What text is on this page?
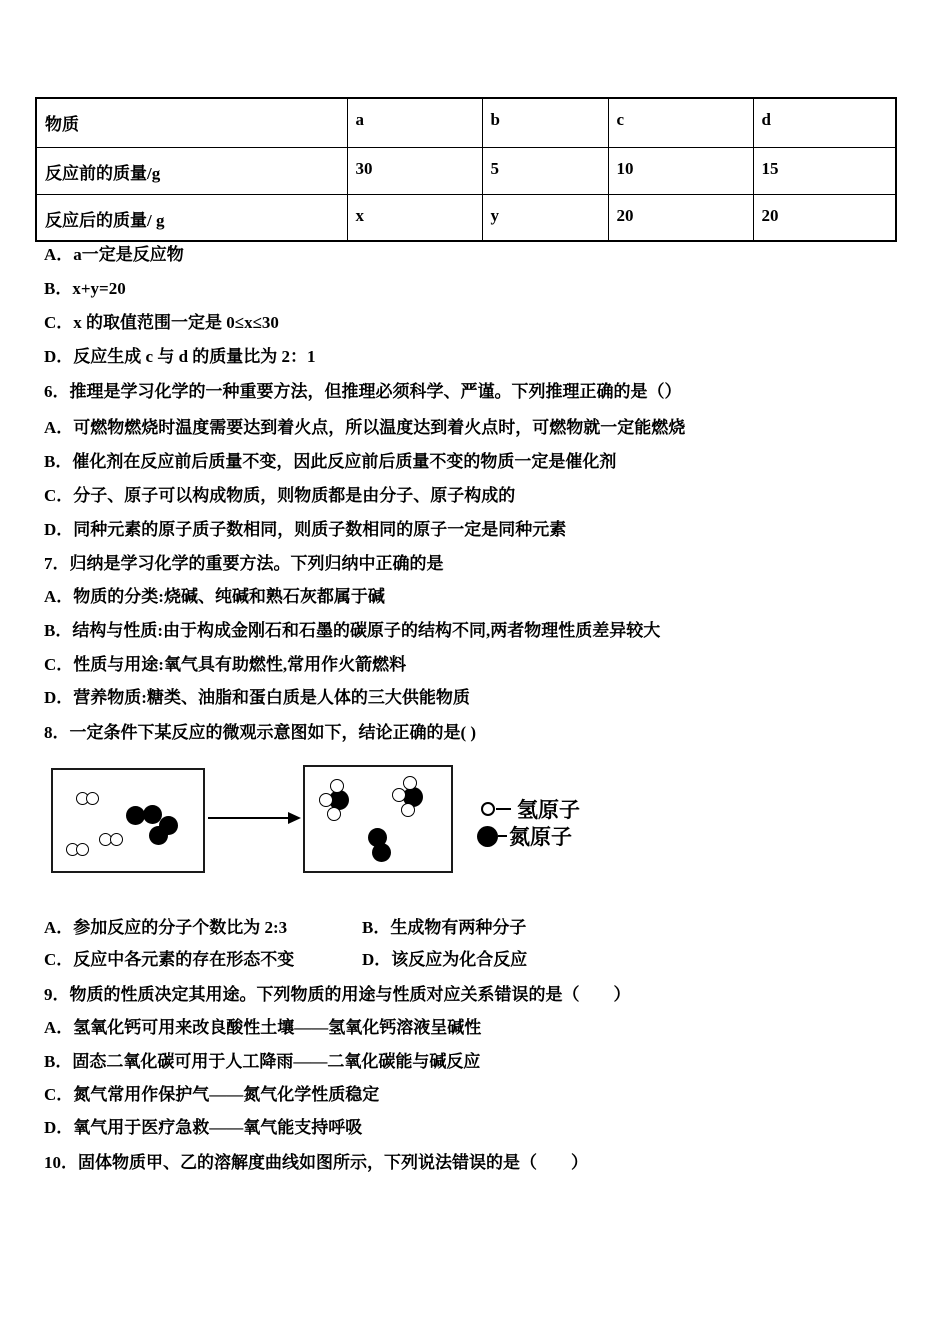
物质	a	b	c	d
反应前的质量/g	30	5	10	15
反应后的质量/ g	x	y	20	20
A．a一定是反应物
B．x+y=20
C．x 的取值范围一定是 0≤x≤30
D．反应生成 c 与 d 的质量比为 2：1
6．推理是学习化学的一种重要方法，但推理必须科学、严谨。下列推理正确的是（）
A．可燃物燃烧时温度需要达到着火点，所以温度达到着火点时，可燃物就一定能燃烧
B．催化剂在反应前后质量不变，因此反应前后质量不变的物质一定是催化剂
C．分子、原子可以构成物质，则物质都是由分子、原子构成的
D．同种元素的原子质子数相同，则质子数相同的原子一定是同种元素
7．归纳是学习化学的重要方法。下列归纳中正确的是
A．物质的分类:烧碱、纯碱和熟石灰都属于碱
B．结构与性质:由于构成金刚石和石墨的碳原子的结构不同,两者物理性质差异较大
C．性质与用途:氧气具有助燃性,常用作火箭燃料
D．营养物质:糖类、油脂和蛋白质是人体的三大供能物质
8．一定条件下某反应的微观示意图如下，结论正确的是( )
氢原子
氮原子
A．参加反应的分子个数比为 2:3	B．生成物有两种分子
C．反应中各元素的存在形态不变	D．该反应为化合反应
9．物质的性质决定其用途。下列物质的用途与性质对应关系错误的是（　　）
A．氢氧化钙可用来改良酸性土壤——氢氧化钙溶液呈碱性
B．固态二氧化碳可用于人工降雨——二氧化碳能与碱反应
C．氮气常用作保护气——氮气化学性质稳定
D．氧气用于医疗急救——氧气能支持呼吸
10．固体物质甲、乙的溶解度曲线如图所示，下列说法错误的是（　　）
